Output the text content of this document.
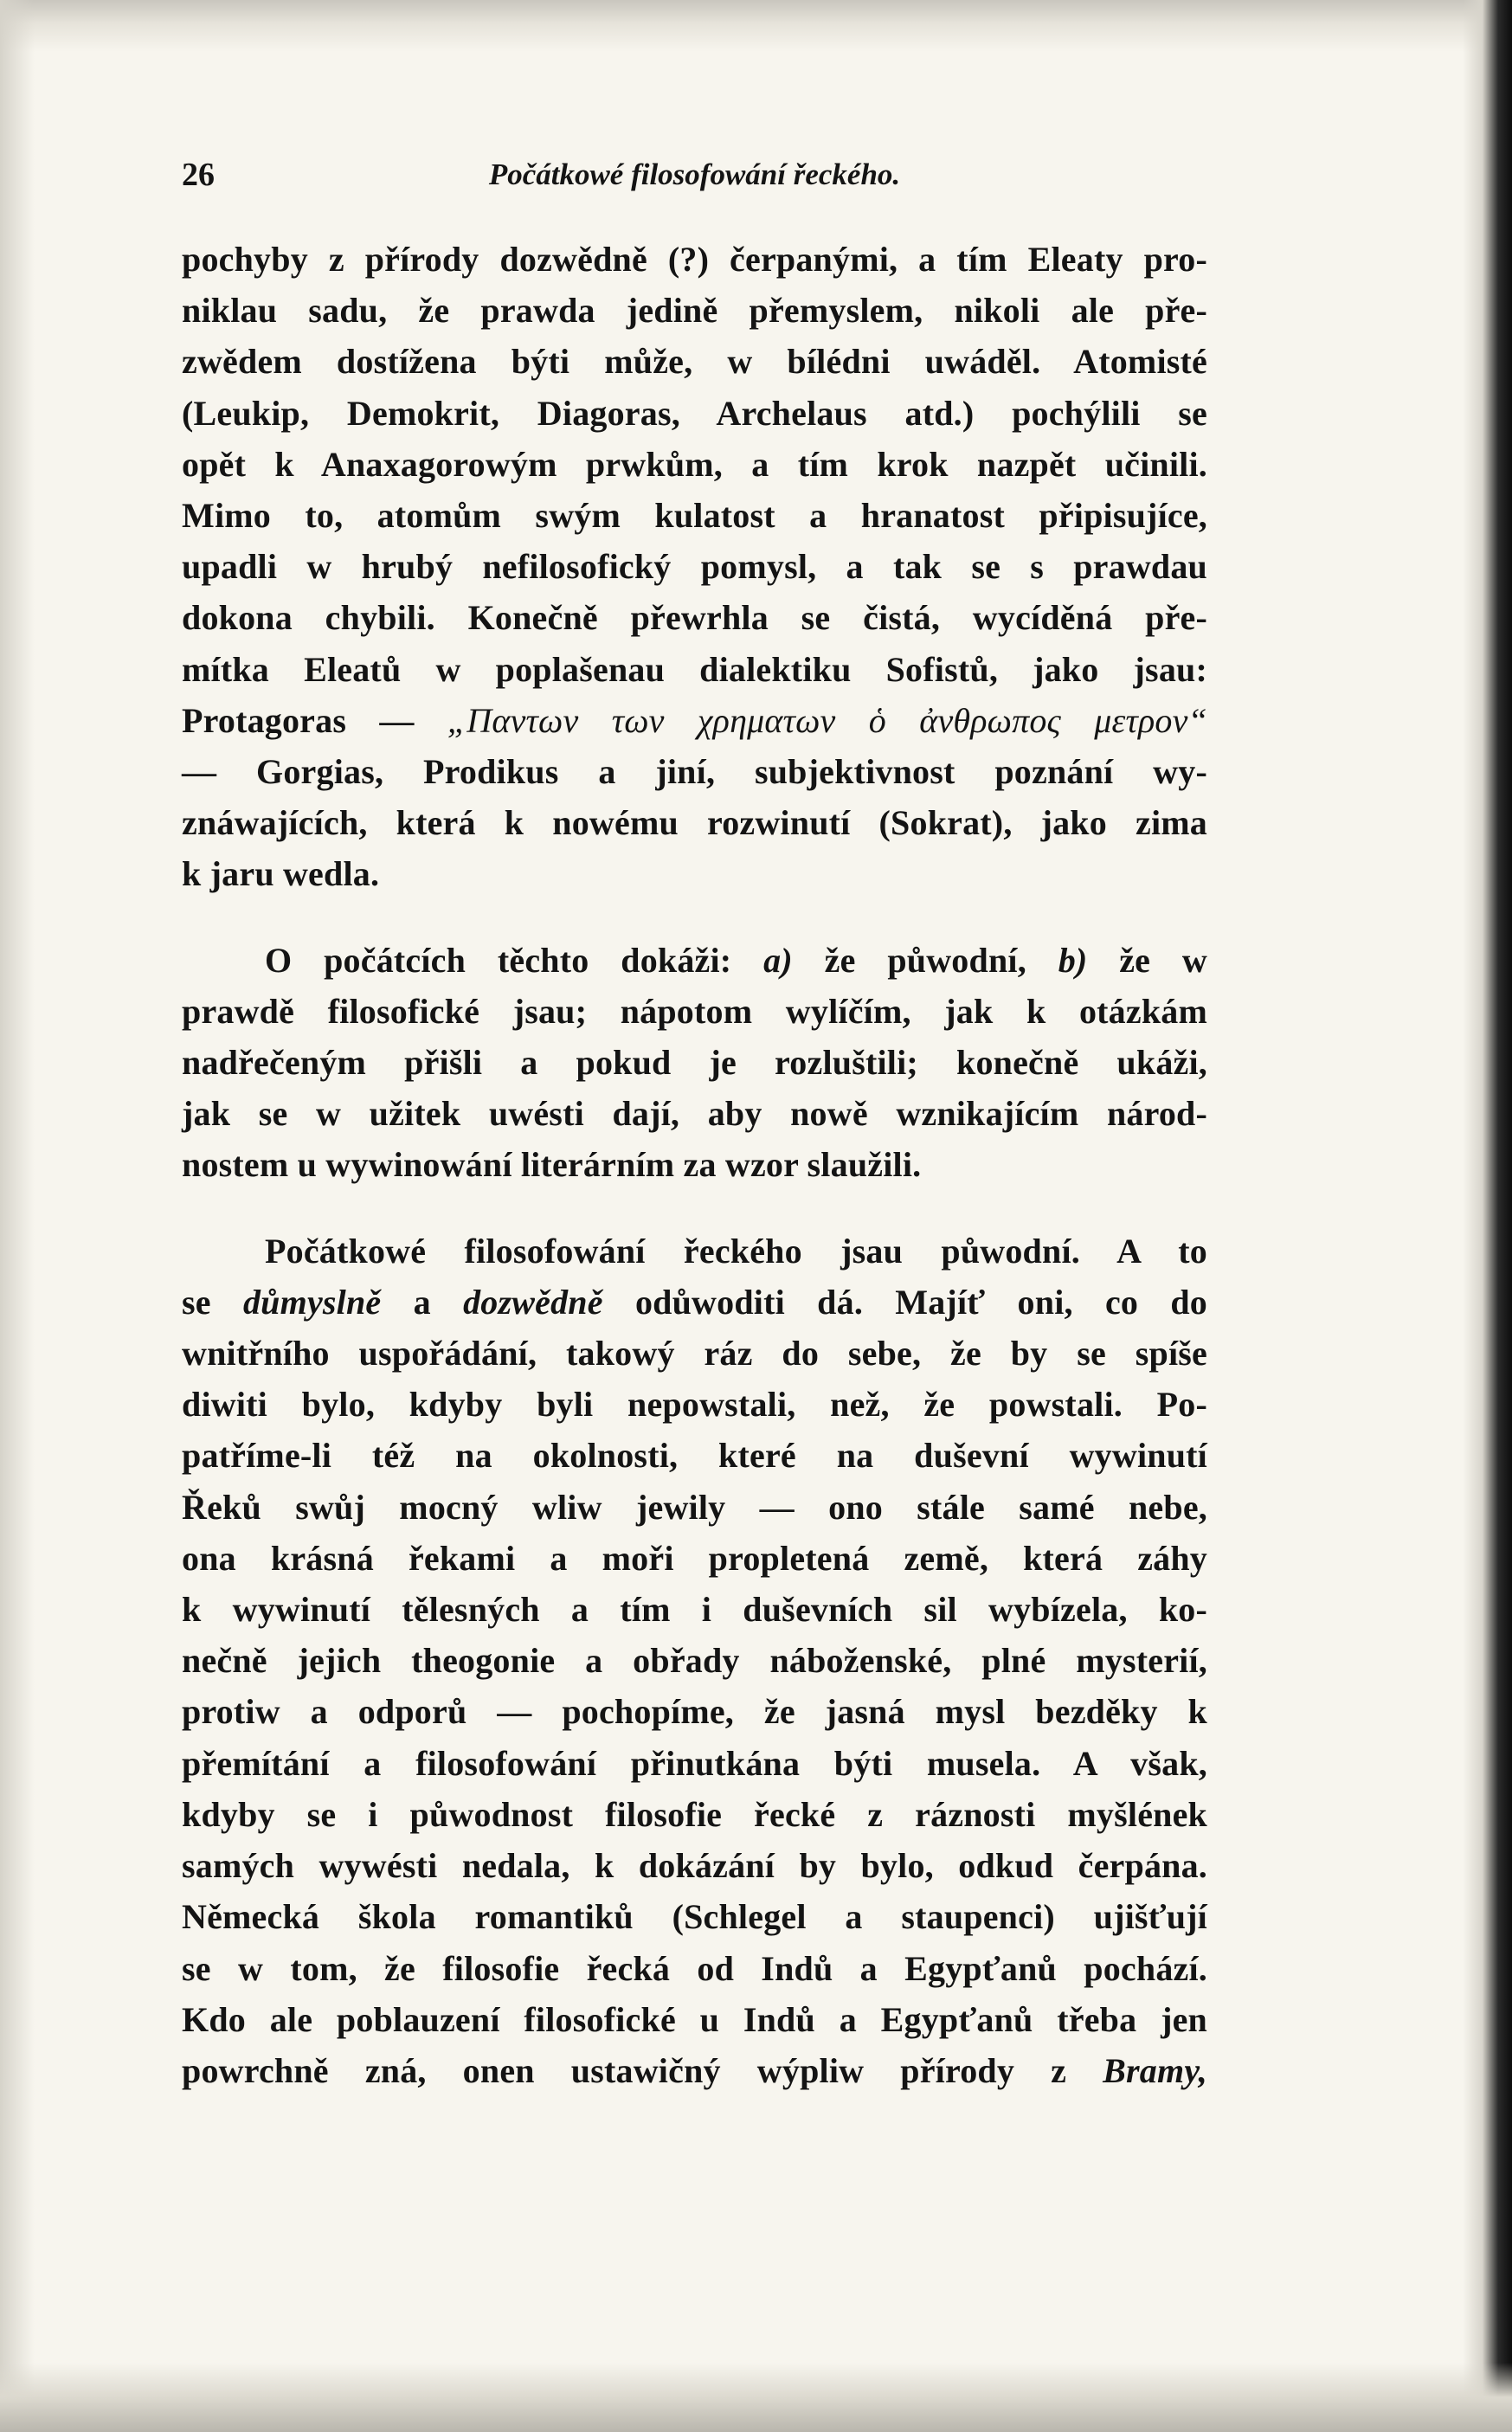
26	Počátkowé filosofowání řeckého.

pochyby z přírody dozwědně (?) čerpanými, a tím Eleaty pro-
niklau sadu, že prawda jedině přemyslem, nikoli ale pře-
zwědem dostížena býti může, w bílédni uwáděl. Atomisté
(Leukip, Demokrit, Diagoras, Archelaus atd.) pochýlili se
opět k Anaxagorowým prwkům, a tím krok nazpět učinili.
Mimo to, atomům swým kulatost a hranatost připisujíce,
upadli w hrubý nefilosofický pomysl, a tak se s prawdau
dokona chybili. Konečně přewrhla se čistá, wycíděná pře-
mítka Eleatů w poplašenau dialektiku Sofistů, jako jsau:
Protagoras — „Παντων των χρηματων ὁ ἀνθρωπος μετρον“
— Gorgias, Prodikus a jiní, subjektivnost poznání wy-
znáwajících, která k nowému rozwinutí (Sokrat), jako zima
k jaru wedla.

O počátcích těchto dokáži: a) že půwodní, b) že w
prawdě filosofické jsau; nápotom wylíčím, jak k otázkám
nadřečeným přišli a pokud je rozluštili; konečně ukáži,
jak se w užitek uwésti dají, aby nowě wznikajícím národ-
nostem u wywinowání literárním za wzor slaužili.

Počátkowé filosofowání řeckého jsau půwodní. A to
se důmyslně a dozwědně odůwoditi dá. Majíť oni, co do
wnitřního uspořádání, takowý ráz do sebe, že by se spíše
diwiti bylo, kdyby byli nepowstali, než, že powstali. Po-
patříme-li též na okolnosti, které na duševní wywinutí
Řeků swůj mocný wliw jewily — ono stále samé nebe,
ona krásná řekami a moři propletená země, která záhy
k wywinutí tělesných a tím i duševních sil wybízela, ko-
nečně jejich theogonie a obřady náboženské, plné mysterií,
protiw a odporů — pochopíme, že jasná mysl bezděky k
přemítání a filosofowání přinutkána býti musela. A však,
kdyby se i půwodnost filosofie řecké z ráznosti myšlének
samých wywésti nedala, k dokázání by bylo, odkud čerpána.
Německá škola romantiků (Schlegel a staupenci) ujišťují
se w tom, že filosofie řecká od Indů a Egypťanů pochází.
Kdo ale poblauzení filosofické u Indů a Egypťanů třeba jen
powrchně zná, onen ustawičný wýpliw přírody z Bramy,
